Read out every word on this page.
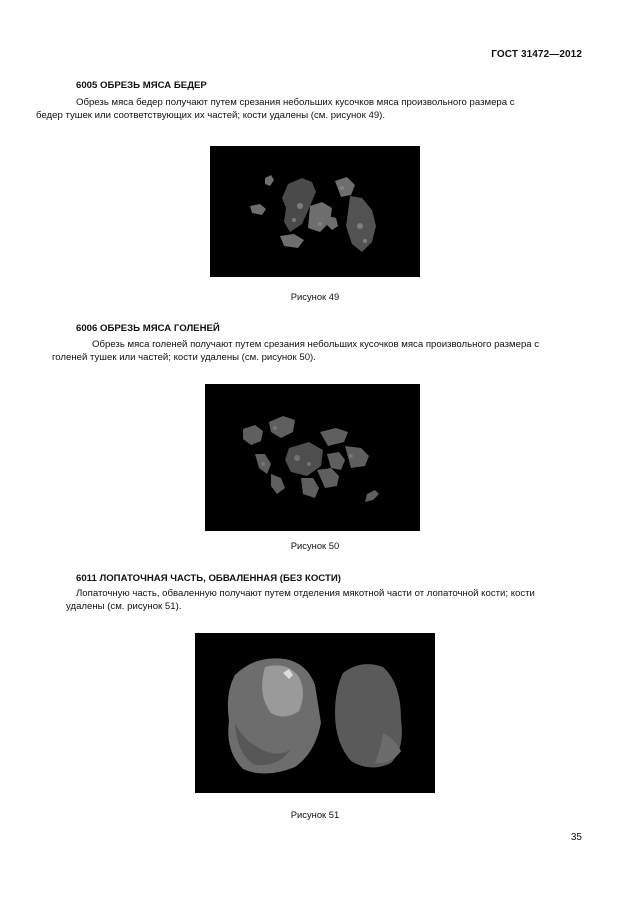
ГОСТ 31472—2012
6005 ОБРЕЗЬ МЯСА БЕДЕР
Обрезь мяса бедер получают путем срезания небольших кусочков мяса произвольного размера с
бедер тушек или соответствующих их частей; кости удалены (см. рисунок 49).
Рисунок 49
6006 ОБРЕЗЬ МЯСА ГОЛЕНЕЙ
Обрезь мяса голеней получают путем срезания небольших кусочков мяса произвольного размера с
голеней тушек или частей; кости удалены (см. рисунок 50).
Рисунок 50
6011 ЛОПАТОЧНАЯ ЧАСТЬ, ОБВАЛЕННАЯ (БЕЗ КОСТИ)
Лопаточную часть, обваленную получают путем отделения мякотной части от лопаточной кости; кости
удалены (см. рисунок 51).
Рисунок 51
35
